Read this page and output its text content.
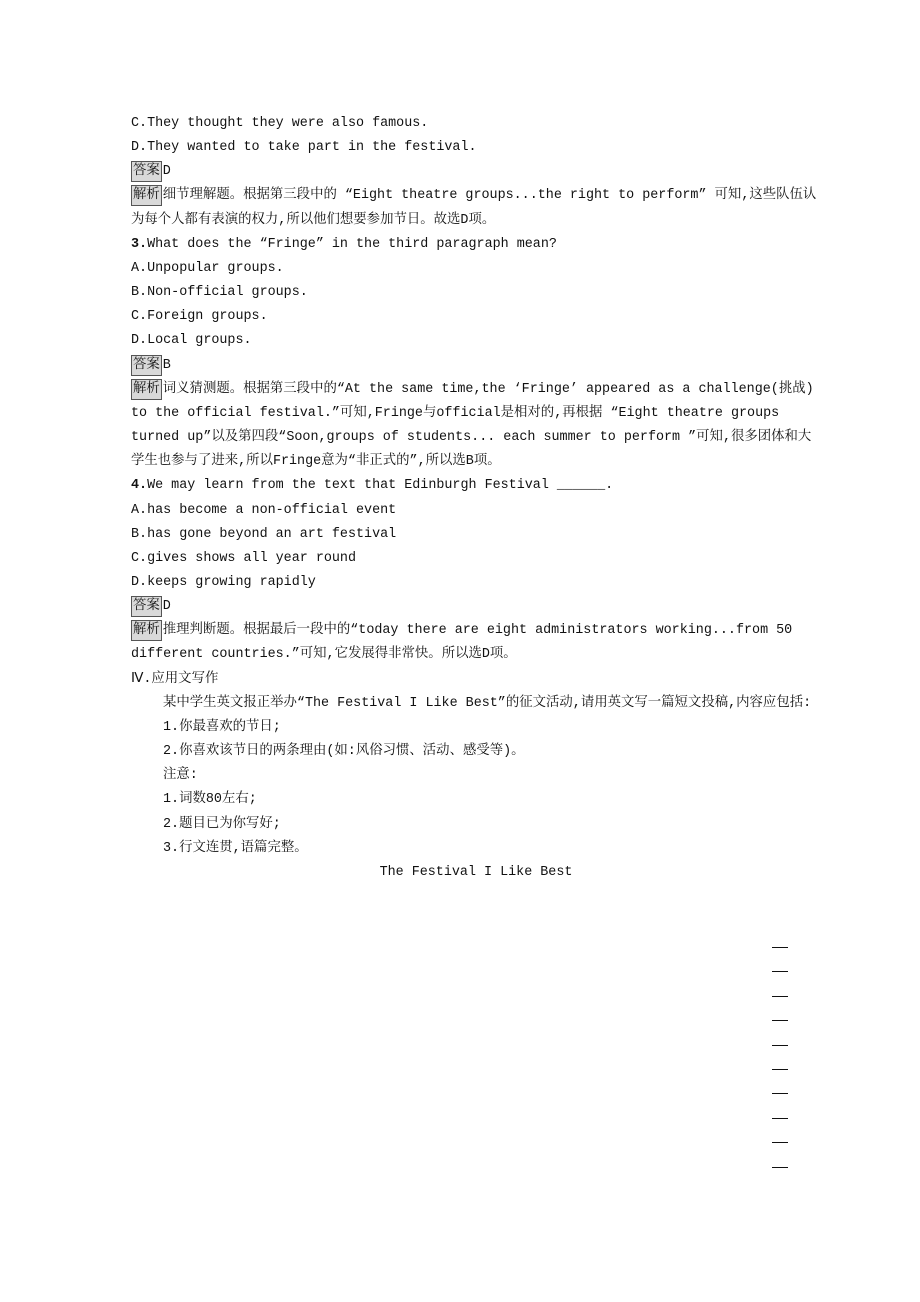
C.They thought they were also famous.
D.They wanted to take part in the festival.
答案 D
解析 细节理解题。根据第三段中的 “Eight theatre groups...the right to perform” 可知,这些队伍认为每个人都有表演的权力,所以他们想要参加节日。故选D项。
3.What does the “Fringe” in the third paragraph mean?
A.Unpopular groups.
B.Non-official groups.
C.Foreign groups.
D.Local groups.
答案 B
解析 词义猜测题。根据第三段中的“At the same time,the ‘Fringe’ appeared as a challenge(挑战) to the official festival.”可知,Fringe与official是相对的,再根据 “Eight theatre groups turned up”以及第四段“Soon,groups of students... each summer to perform ”可知,很多团体和大学生也参与了进来,所以Fringe意为“非正式的”,所以选B项。
4.We may learn from the text that Edinburgh Festival ______.
A.has become a non-official event
B.has gone beyond an art festival
C.gives shows all year round
D.keeps growing rapidly
答案 D
解析 推理判断题。根据最后一段中的“today there are eight administrators working...from 50 different countries.”可知,它发展得非常快。所以选D项。
Ⅳ.应用文写作
某中学生英文报正举办“The Festival I Like Best”的征文活动,请用英文写一篇短文投稿,内容应包括:
1.你最喜欢的节日;
2.你喜欢该节日的两条理由(如:风俗习惯、活动、感受等)。
注意:
1.词数80左右;
2.题目已为你写好;
3.行文连贯,语篇完整。
The Festival I Like Best
